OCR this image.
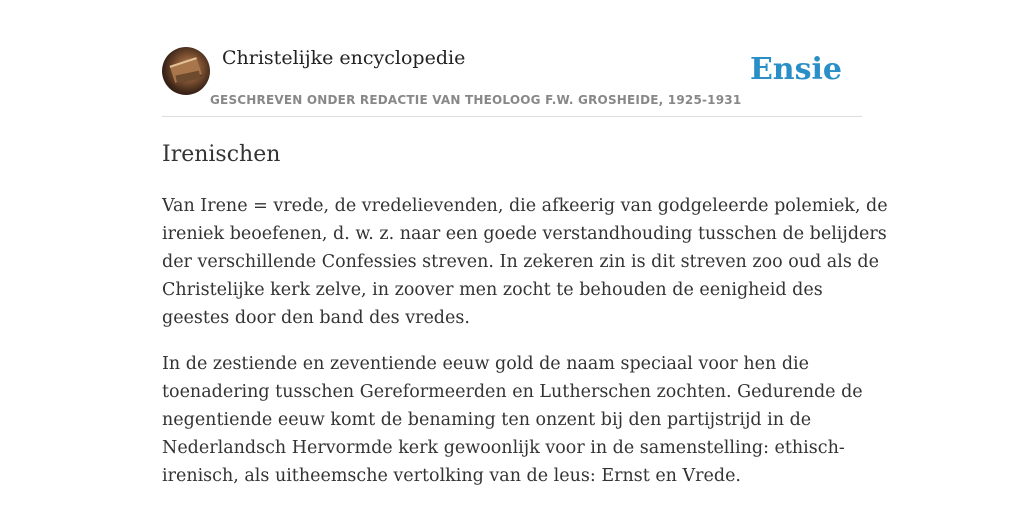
Christelijke encyclopedie
GESCHREVEN ONDER REDACTIE VAN THEOLOOG F.W. GROSHEIDE, 1925-1931
Ensie
Irenischen

Van Irene = vrede, de vredelievenden, die afkeerig van godgeleerde polemiek, de
ireniek beoefenen, d. w. z. naar een goede verstandhouding tusschen de belijders
der verschillende Confessies streven. In zekeren zin is dit streven zoo oud als de
Christelijke kerk zelve, in zoover men zocht te behouden de eenigheid des
geestes door den band des vredes.

In de zestiende en zeventiende eeuw gold de naam speciaal voor hen die
toenadering tusschen Gereformeerden en Lutherschen zochten. Gedurende de
negentiende eeuw komt de benaming ten onzent bij den partijstrijd in de
Nederlandsch Hervormde kerk gewoonlijk voor in de samenstelling: ethisch-
irenisch, als uitheemsche vertolking van de leus: Ernst en Vrede.
